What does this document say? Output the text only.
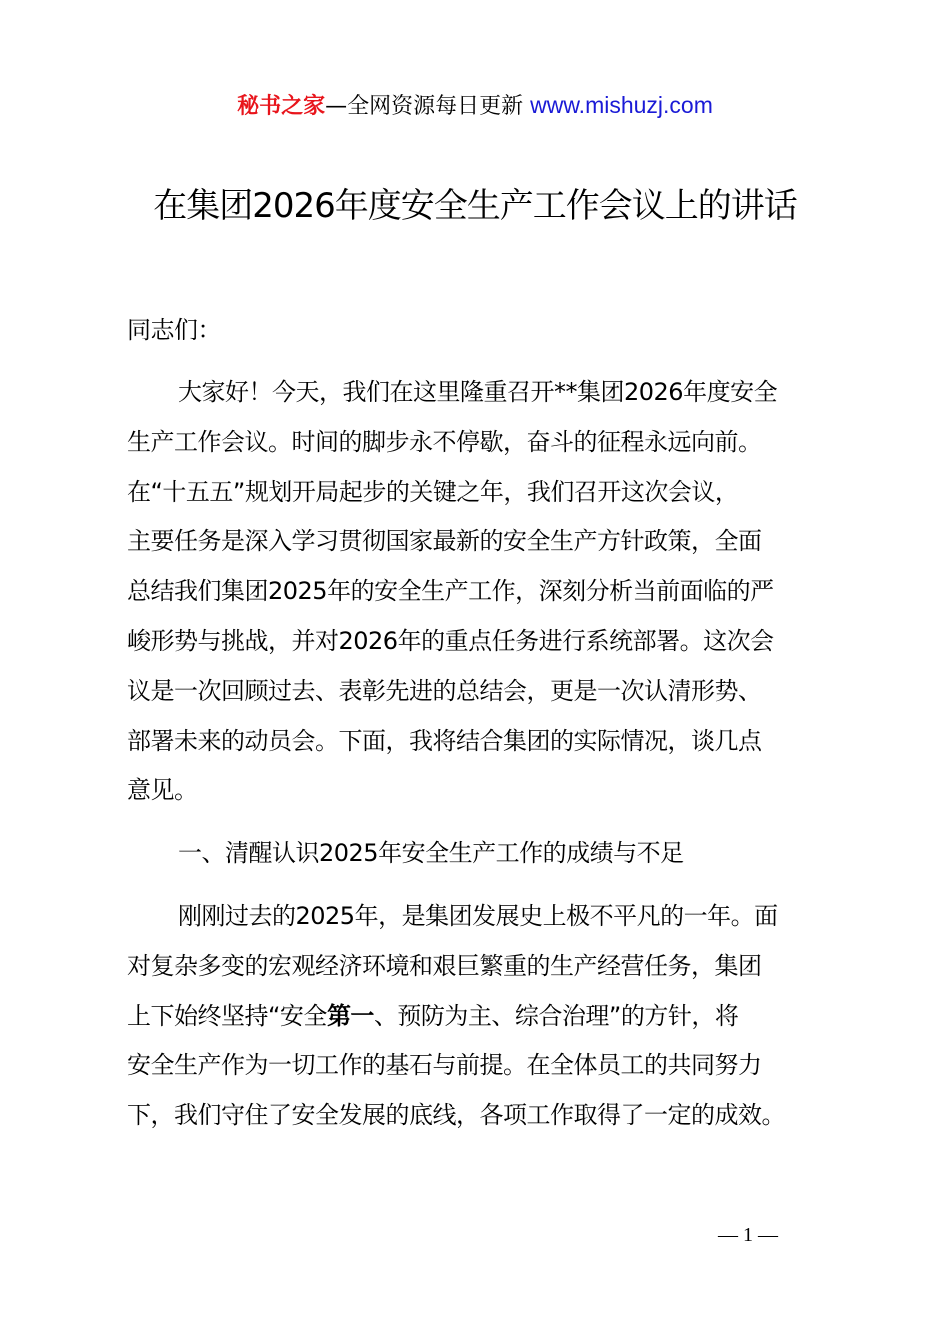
秘书之家—全网资源每日更新 www.mishuzj.com
在集团2026年度安全生产工作会议上的讲话
同志们：
大家好！今天，我们在这里隆重召开**集团2026年度安全
生产工作会议。时间的脚步永不停歇，奋斗的征程永远向前。
在“十五五”规划开局起步的关键之年，我们召开这次会议，
主要任务是深入学习贯彻国家最新的安全生产方针政策，全面
总结我们集团2025年的安全生产工作，深刻分析当前面临的严
峻形势与挑战，并对2026年的重点任务进行系统部署。这次会
议是一次回顾过去、表彰先进的总结会，更是一次认清形势、
部署未来的动员会。下面，我将结合集团的实际情况，谈几点
意见。
一、清醒认识2025年安全生产工作的成绩与不足
刚刚过去的2025年，是集团发展史上极不平凡的一年。面
对复杂多变的宏观经济环境和艰巨繁重的生产经营任务，集团
上下始终坚持“安全第一、预防为主、综合治理”的方针，将
安全生产作为一切工作的基石与前提。在全体员工的共同努力
下，我们守住了安全发展的底线，各项工作取得了一定的成效。
— 1 —
